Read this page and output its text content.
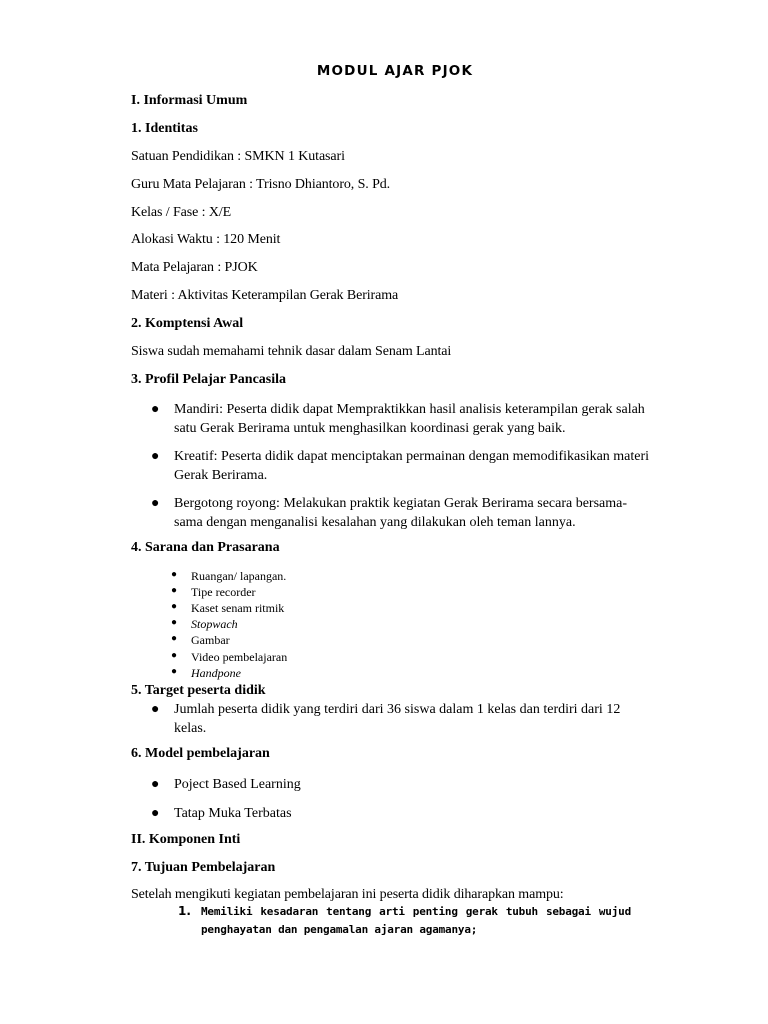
MODUL AJAR PJOK
I. Informasi Umum
1. Identitas
Satuan Pendidikan : SMKN 1 Kutasari
Guru Mata Pelajaran : Trisno Dhiantoro, S. Pd.
Kelas / Fase : X/E
Alokasi Waktu : 120 Menit
Mata Pelajaran : PJOK
Materi : Aktivitas Keterampilan Gerak Berirama
2. Komptensi Awal
Siswa sudah memahami tehnik dasar dalam Senam Lantai
3. Profil Pelajar Pancasila
● Mandiri: Peserta didik dapat Mempraktikkan hasil analisis keterampilan gerak salah
satu Gerak Berirama untuk menghasilkan koordinasi gerak yang baik.
● Kreatif: Peserta didik dapat menciptakan permainan dengan memodifikasikan materi
Gerak Berirama.
● Bergotong royong: Melakukan praktik kegiatan Gerak Berirama secara bersama-
sama dengan menganalisi kesalahan yang dilakukan oleh teman lannya.
4. Sarana dan Prasarana
● Ruangan/ lapangan.
● Tipe recorder
● Kaset senam ritmik
● Stopwach
● Gambar
● Video pembelajaran
● Handpone
5. Target peserta didik
● Jumlah peserta didik yang terdiri dari 36 siswa dalam 1 kelas dan terdiri dari 12
kelas.
6. Model pembelajaran
● Poject Based Learning
● Tatap Muka Terbatas
II. Komponen Inti
7. Tujuan Pembelajaran
Setelah mengikuti kegiatan pembelajaran ini peserta didik diharapkan mampu:
1. Memiliki kesadaran tentang arti penting gerak tubuh sebagai wujud penghayatan dan pengamalan ajaran agamanya;
